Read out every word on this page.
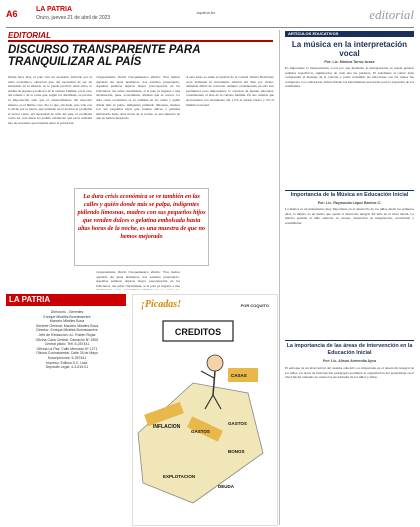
A6	LA PATRIA
Oruro, jueves 21 de abril de 2023
lapatria.bo	editorial
EDITORIAL
DISCURSO TRANSPARENTE PARA TRANQUILIZAR AL PAÍS
Desde hace días, el país vive un escenario delicado por el tema económico, situación que, sin necesidad de ser un entendido en la materia, se le puede percibir, entre ellos, la subida de algunos productos de la canasta familiar, tal el caso del tomate o de la carne que, según los detallistas, se precisa la importación ante que el abastecimiento del mercado interno, es el último caso. Por lo que, sin duda, esto vale con lo dicho por la banca, que teniendo en el alcance el problema el sector venta, sin necesidad de salir del país, el problema como tal, este diario ha podido evidenciar que en la realidad hay un escenario preocupante entre la población.
vicepresidente David Choquehuanca afirma: 'Nos hemos quedado sin plata hermanos, nos estamos preparando'. Aquellas palabras dejaron mayor preocupación en los bolivianos, sin saber ciertamente, si el país ya ingresó a una devaluación, pues, economistas afirman que se acerca. La dura crisis económica se ve también en las calles y quién donde más se palpa, indigentes pidiendo limosnas, madres con sus pequeños hijos que venden dulces o gelatina embolsada hasta altas horas de la noche, es una muestra de que no hemos mejorado.
vicepresidente David Choquehuanca afirma: 'Nos hemos quedado sin plata hermanos, nos estamos preparando'. Aquellas palabras dejaron mayor preocupación en los bolivianos, sin saber ciertamente, si el país ya ingresó a una
A esta tensa se suma la presión de la Central Obrera Boliviana, cuya demanda es incremento salarial del diez por ciento, demanda difícil de concretar, siempre considerando en sólo tres parámetros pero importantes, la creación de fuentes laborales, considerando al alza de la canasta familiar. En sus cuentas que atravesamos con incremento del 1,5% al salario básico y 3% al mínimo nacional.
La dura crisis económica se ve también en las calles y quién donde más se palpa, indigentes pidiendo limosnas, madres con sus pequeños hijos que venden dulces o gelatina embolsada hasta altas horas de la noche, es una muestra de que no hemos mejorado
LA PATRIA
Directorio - Gerentes
Enrique Miralles Bonnecarrère
Marcelo Miralles Bova
Gerente General: Marcelo Miralles Bova
Director: Enrique Miralles Bonnecarrère
Jefe de Redacción: a.i. Rubén Rojas
Oficina Casa Central: Camacho Nº 1892
Central piloto: Telf. 5-257441
Oficina La Paz: Calle Mercado Nº 1271
Oficina Cochabamba: Calle 25 de Mayo
Suscripciones: 5-257441
Impreso: Editora S.C. Ltda.
Depósito Legal: 4-3-519-01
¡Picadas!	POR COQUITO
CREDITOS
INFLACION
CASAS
GASTOS
GASTOS
BONOS
EXPLOTACION
DEUDA
ARTÍCULOS EDUCATIVOS
La música en la interpretación vocal
Por: Lic. Mónica Torrez Araoz
Es importante la interpretación vocal por que mediante la interpretación se puede generar sentidos específicos, significados de cada una las palabras. El estudiante al cantar debe comprender el mensaje de la canción y poder transmitir las emociones con las cuales fue compuesta. Los educadores deben brindar las herramientas necesarias para la expresión de los estudiantes.
Importancia de la Música en Educación Inicial
Por: Lic. Raymunda López Barrios C.
La música es un instrumento muy importante en el desarrollo de los niños desde los primeros años, la música es un medio que ayuda al desarrollo integral del niño en el nivel inicial. La música permite al niño explorar su cuerpo, desarrollar su imaginación, creatividad y sensibilidad.
La importancia de las áreas de intervención en la Educación Inicial
Por: Lic. Alison Armendia Ayca
El enfoque de un nivel inicial del sistema educativo es importante en el desarrollo integral de los niños, las áreas de intervención pedagógica permiten la organización del aprendizaje en el nivel inicial tomando en cuenta las necesidades de los niños y niñas.
